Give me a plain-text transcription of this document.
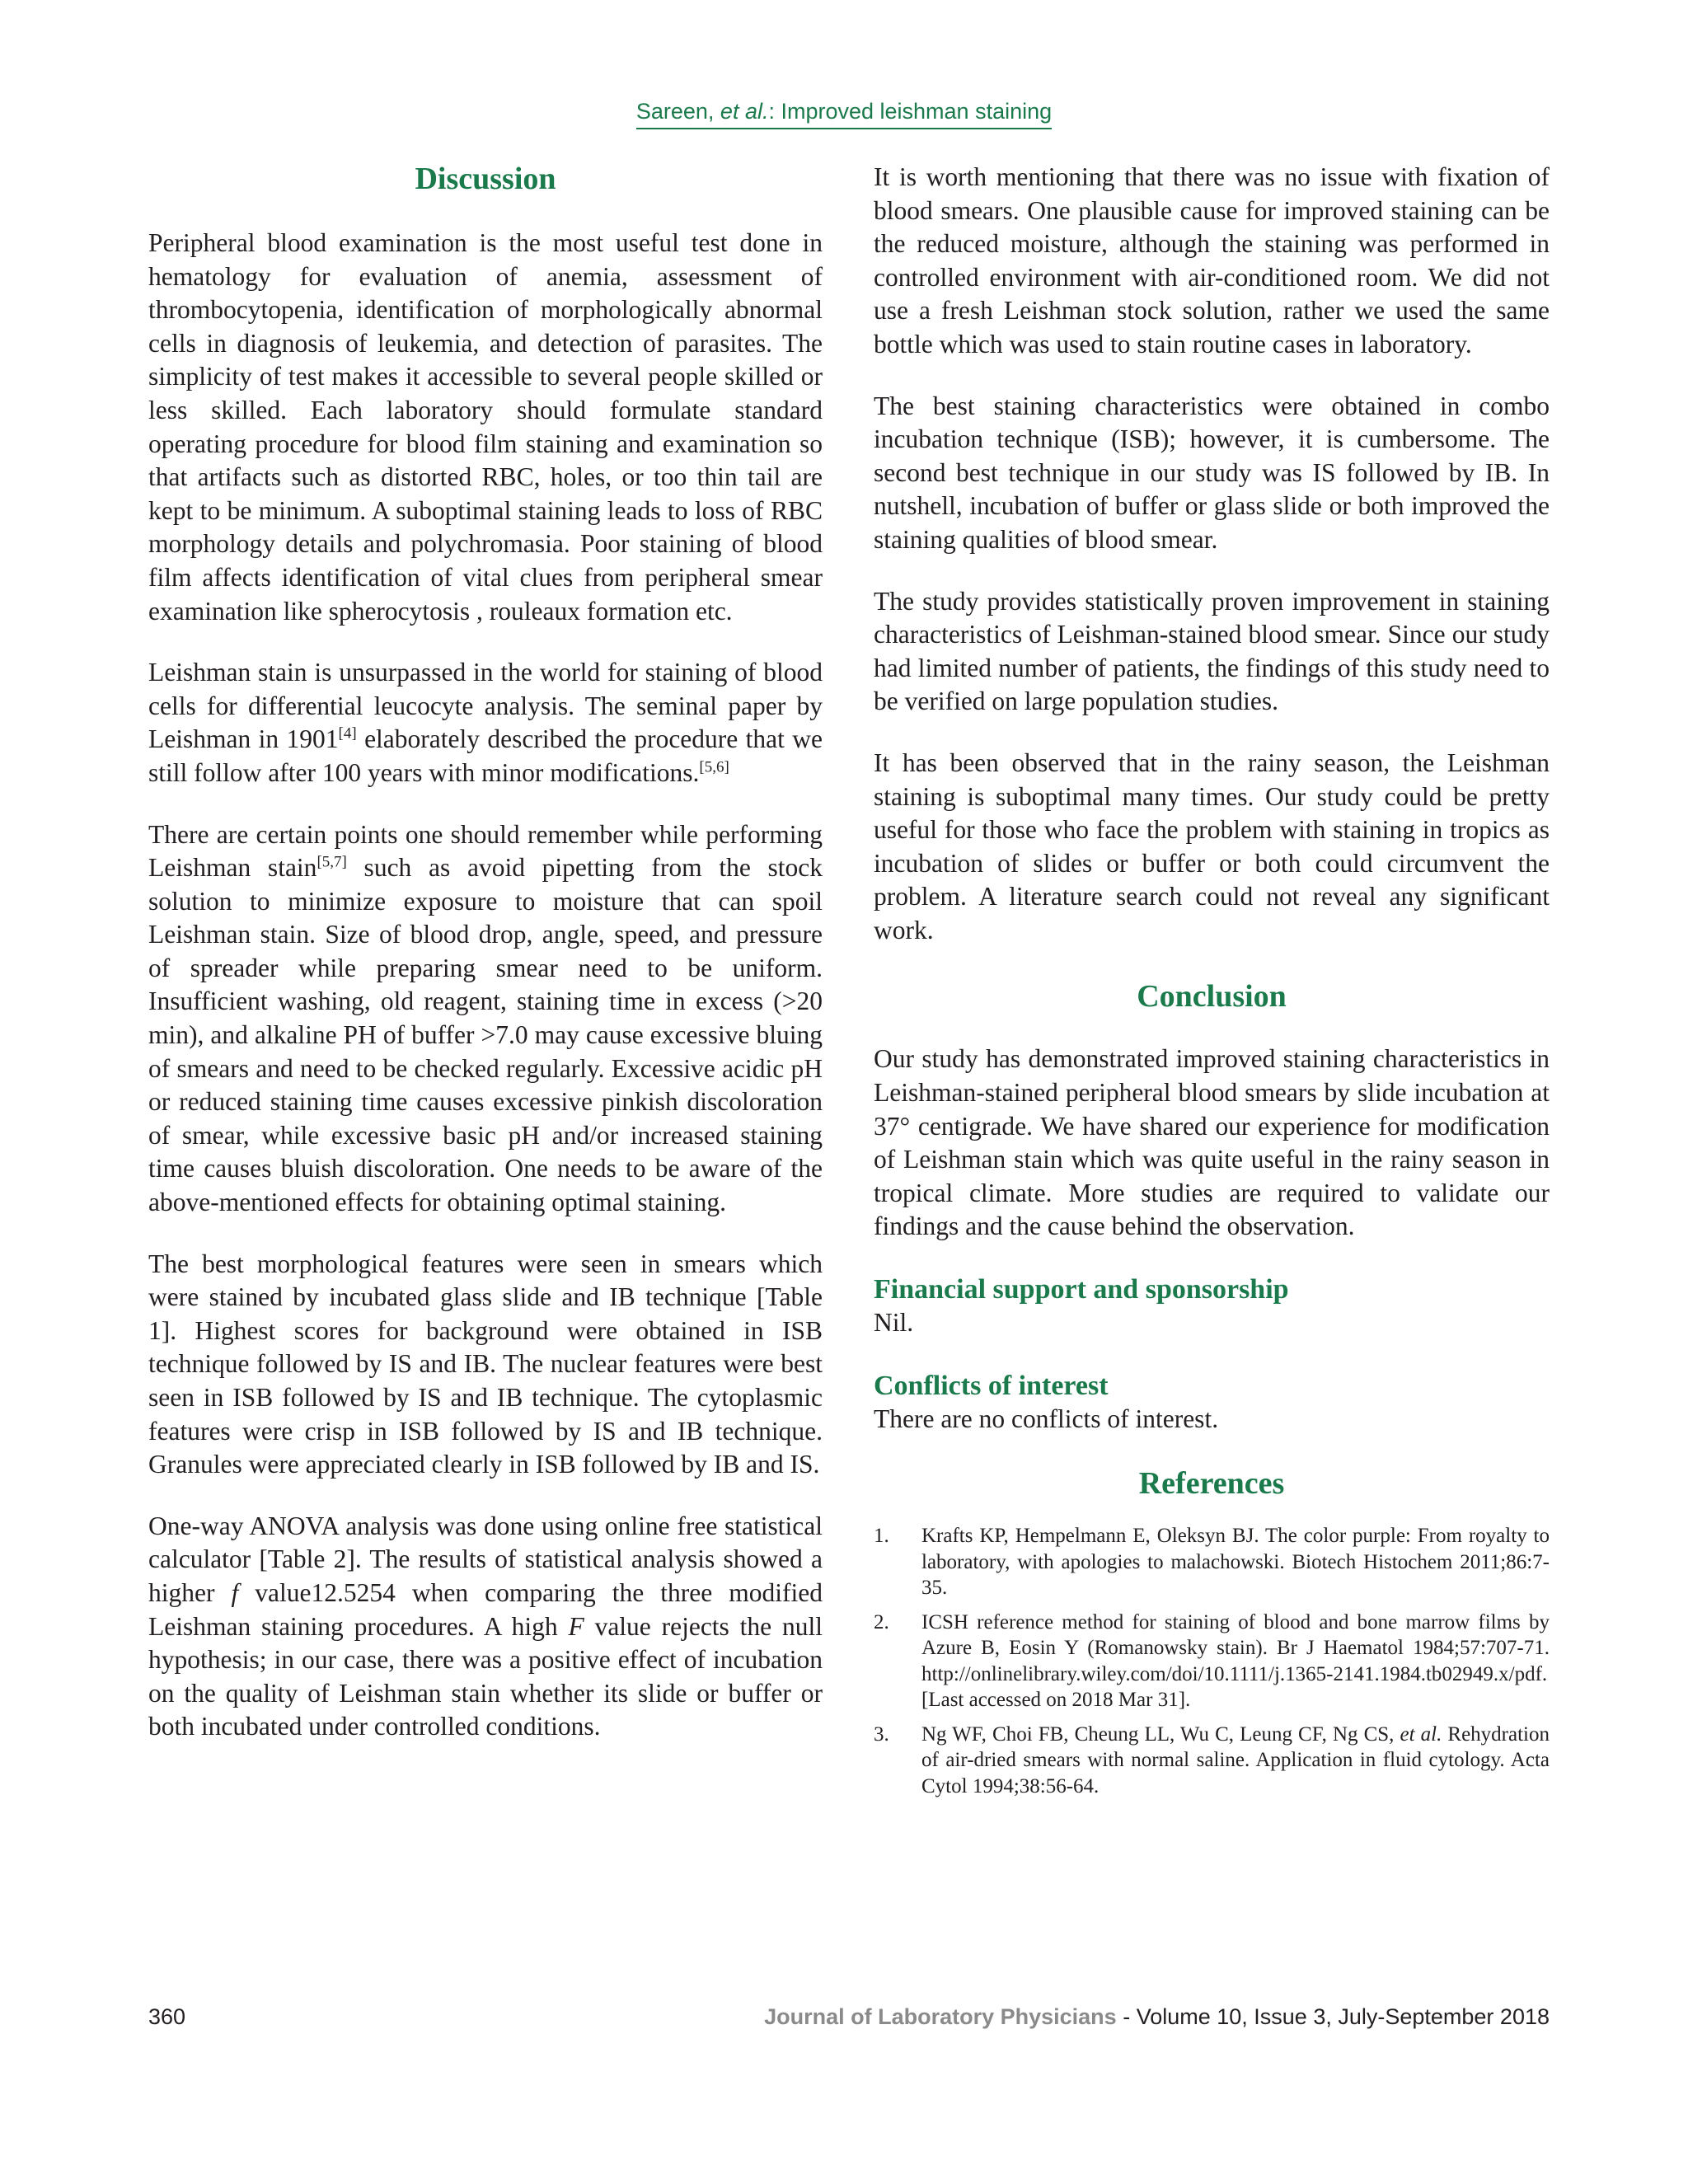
Sareen, et al.: Improved leishman staining
Discussion

Peripheral blood examination is the most useful test done in hematology for evaluation of anemia, assessment of thrombocytopenia, identification of morphologically abnormal cells in diagnosis of leukemia, and detection of parasites. The simplicity of test makes it accessible to several people skilled or less skilled. Each laboratory should formulate standard operating procedure for blood film staining and examination so that artifacts such as distorted RBC, holes, or too thin tail are kept to be minimum. A suboptimal staining leads to loss of RBC morphology details and polychromasia. Poor staining of blood film affects identification of vital clues from peripheral smear examination like spherocytosis , rouleaux formation etc.

Leishman stain is unsurpassed in the world for staining of blood cells for differential leucocyte analysis. The seminal paper by Leishman in 1901[4] elaborately described the procedure that we still follow after 100 years with minor modifications.[5,6]

There are certain points one should remember while performing Leishman stain[5,7] such as avoid pipetting from the stock solution to minimize exposure to moisture that can spoil Leishman stain. Size of blood drop, angle, speed, and pressure of spreader while preparing smear need to be uniform. Insufficient washing, old reagent, staining time in excess (>20 min), and alkaline PH of buffer >7.0 may cause excessive bluing of smears and need to be checked regularly. Excessive acidic pH or reduced staining time causes excessive pinkish discoloration of smear, while excessive basic pH and/or increased staining time causes bluish discoloration. One needs to be aware of the above-mentioned effects for obtaining optimal staining.

The best morphological features were seen in smears which were stained by incubated glass slide and IB technique [Table 1]. Highest scores for background were obtained in ISB technique followed by IS and IB. The nuclear features were best seen in ISB followed by IS and IB technique. The cytoplasmic features were crisp in ISB followed by IS and IB technique. Granules were appreciated clearly in ISB followed by IB and IS.

One-way ANOVA analysis was done using online free statistical calculator [Table 2]. The results of statistical analysis showed a higher f value12.5254 when comparing the three modified Leishman staining procedures. A high F value rejects the null hypothesis; in our case, there was a positive effect of incubation on the quality of Leishman stain whether its slide or buffer or both incubated under controlled conditions.

It is worth mentioning that there was no issue with fixation of blood smears. One plausible cause for improved staining can be the reduced moisture, although the staining was performed in controlled environment with air-conditioned room. We did not use a fresh Leishman stock solution, rather we used the same bottle which was used to stain routine cases in laboratory.

The best staining characteristics were obtained in combo incubation technique (ISB); however, it is cumbersome. The second best technique in our study was IS followed by IB. In nutshell, incubation of buffer or glass slide or both improved the staining qualities of blood smear.

The study provides statistically proven improvement in staining characteristics of Leishman-stained blood smear. Since our study had limited number of patients, the findings of this study need to be verified on large population studies.

It has been observed that in the rainy season, the Leishman staining is suboptimal many times. Our study could be pretty useful for those who face the problem with staining in tropics as incubation of slides or buffer or both could circumvent the problem. A literature search could not reveal any significant work.

Conclusion

Our study has demonstrated improved staining characteristics in Leishman-stained peripheral blood smears by slide incubation at 37° centigrade. We have shared our experience for modification of Leishman stain which was quite useful in the rainy season in tropical climate. More studies are required to validate our findings and the cause behind the observation.

Financial support and sponsorship

Nil.

Conflicts of interest

There are no conflicts of interest.

References
1. Krafts KP, Hempelmann E, Oleksyn BJ. The color purple: From royalty to laboratory, with apologies to malachowski. Biotech Histochem 2011;86:7-35.
2. ICSH reference method for staining of blood and bone marrow films by Azure B, Eosin Y (Romanowsky stain). Br J Haematol 1984;57:707-71. http://onlinelibrary.wiley.com/doi/10.1111/j.1365-2141.1984.tb02949.x/pdf. [Last accessed on 2018 Mar 31].
3. Ng WF, Choi FB, Cheung LL, Wu C, Leung CF, Ng CS, et al. Rehydration of air-dried smears with normal saline. Application in fluid cytology. Acta Cytol 1994;38:56-64.
360	Journal of Laboratory Physicians - Volume 10, Issue 3, July-September 2018
